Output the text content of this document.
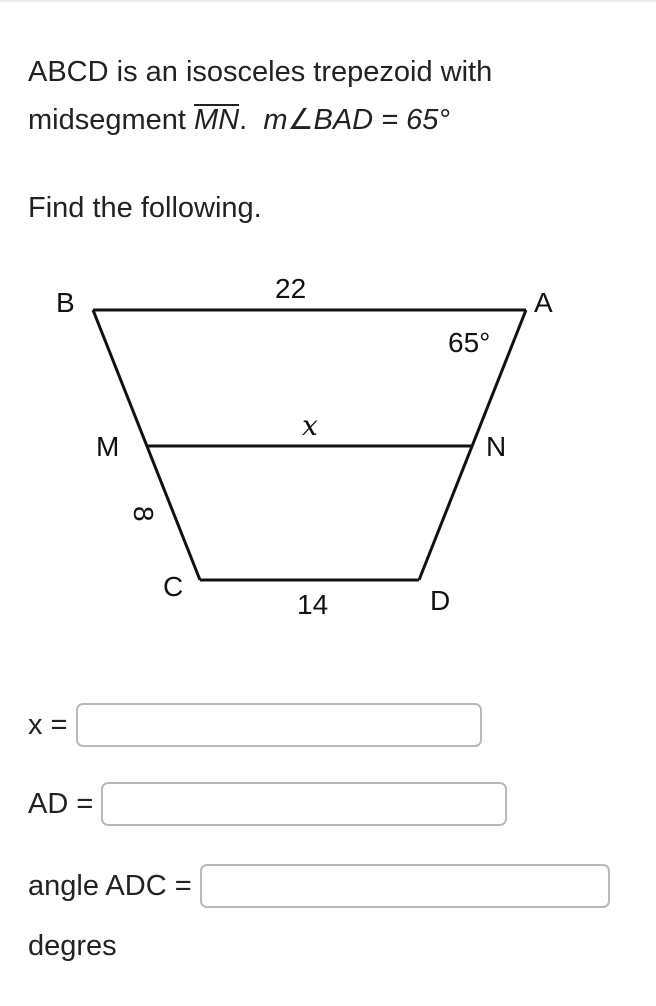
ABCD is an isosceles trepezoid with
midsegment MN. m∠BAD = 65°
Find the following.
B	A
M	N
C	D
22
x
14
8
65°
x =
AD =
angle ADC =
degres
